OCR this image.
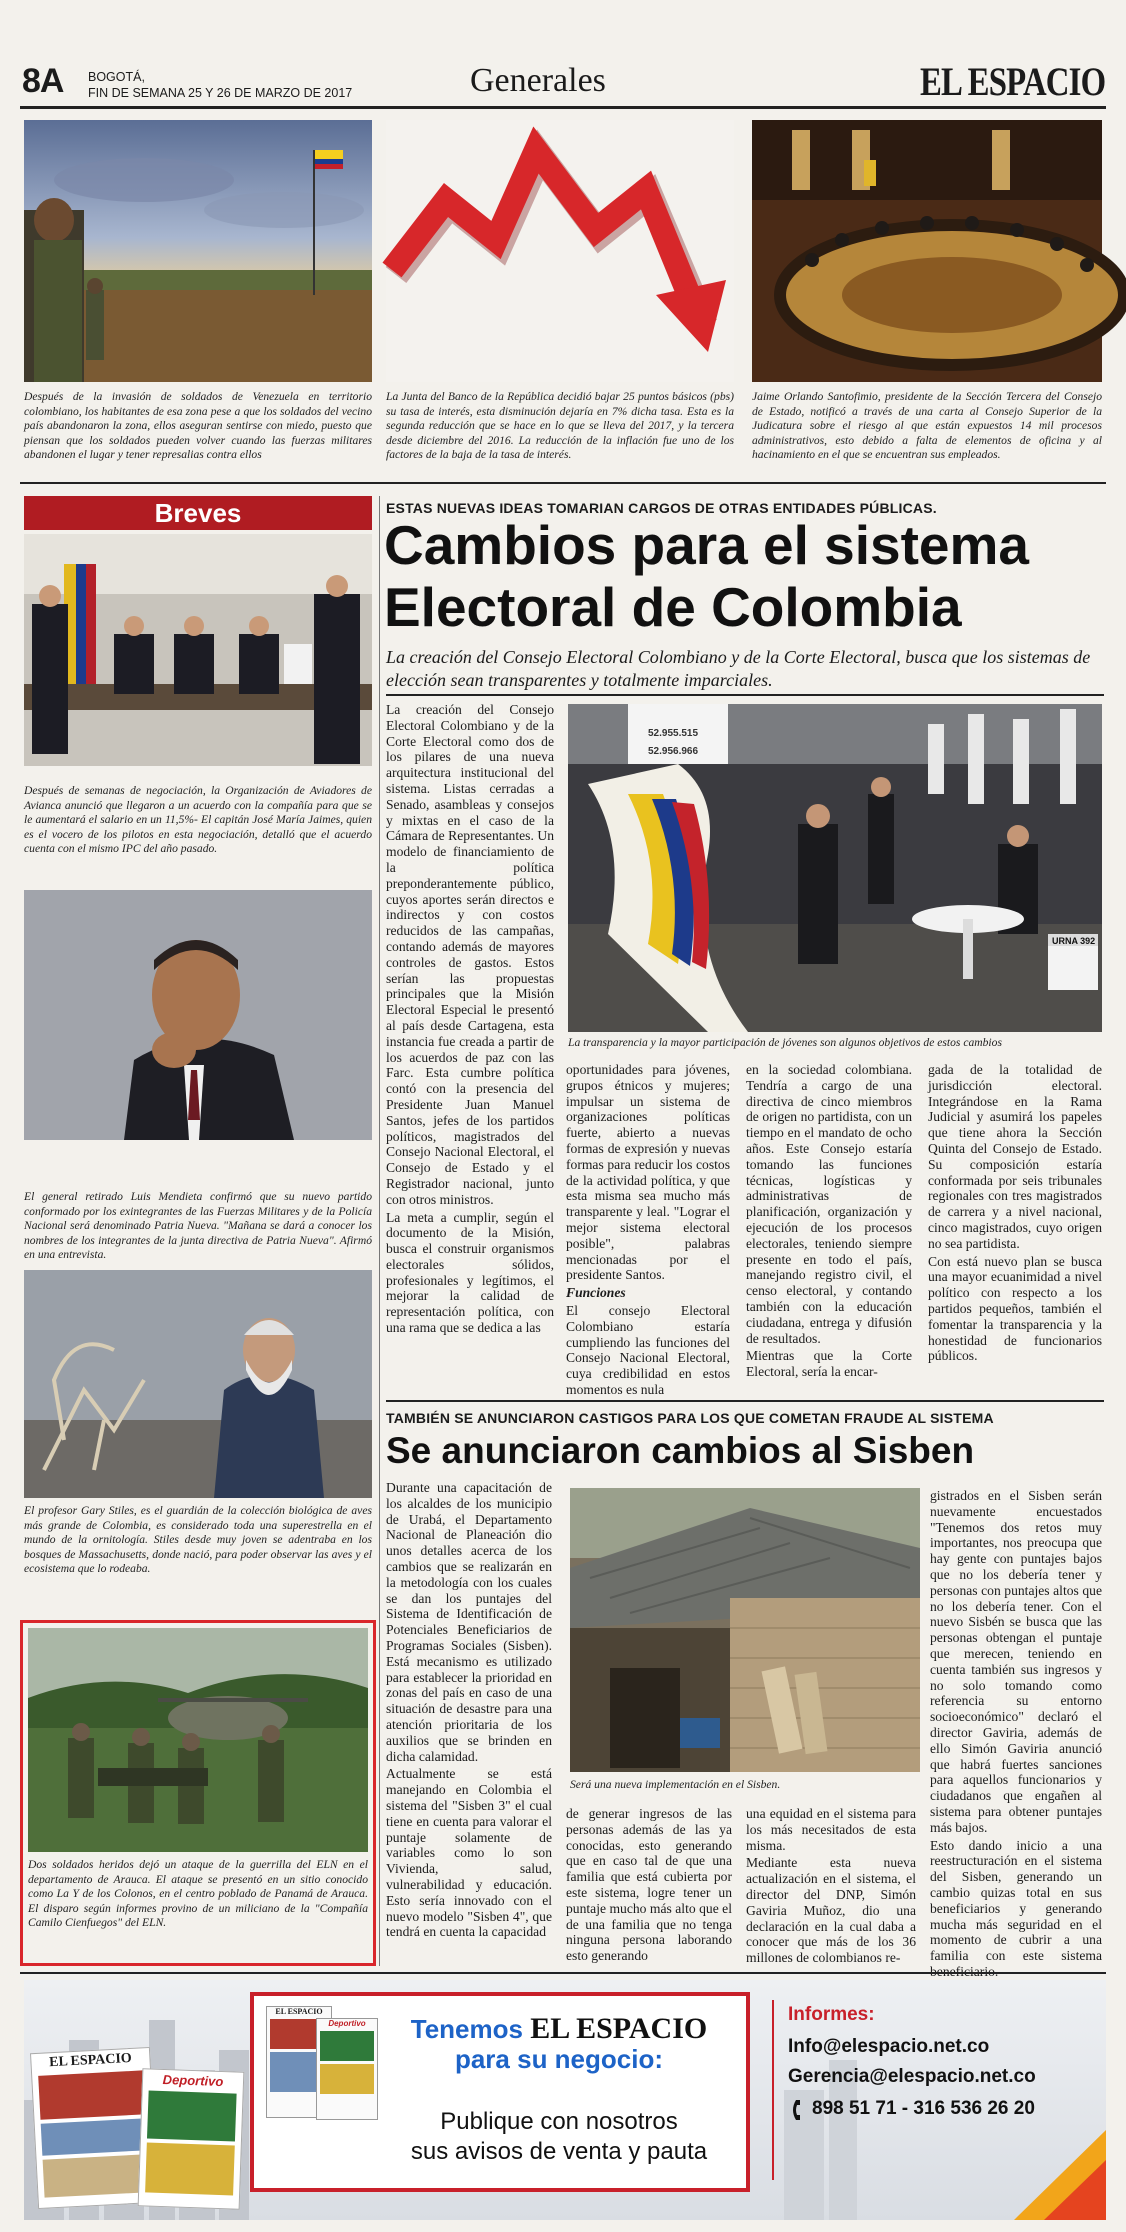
8A BOGOTÁ,
FIN DE SEMANA 25 Y 26 DE MARZO DE 2017	Generales	EL ESPACIO
Después de la invasión de soldados de Venezuela en territorio colombiano, los habitantes de esa zona pese a que los soldados del vecino país abandonaron la zona, ellos aseguran sentirse con miedo, puesto que piensan que los soldados pueden volver cuando las fuerzas militares abandonen el lugar y tener represalias contra ellos
La Junta del Banco de la República decidió bajar 25 puntos básicos (pbs) su tasa de interés, esta disminución dejaría en 7% dicha tasa. Esta es la segunda reducción que se hace en lo que se lleva del 2017, y la tercera desde diciembre del 2016. La reducción de la inflación fue uno de los factores de la baja de la tasa de interés.
Jaime Orlando Santofimio, presidente de la Sección Tercera del Consejo de Estado, notificó a través de una carta al Consejo Superior de la Judicatura sobre el riesgo al que están expuestos 14 mil procesos administrativos, esto debido a falta de elementos de oficina y al hacinamiento en el que se encuentran sus empleados.
Breves
Después de semanas de negociación, la Organización de Aviadores de Avianca anunció que llegaron a un acuerdo con la compañía para que se le aumentará el salario en un 11,5%- El capitán José María Jaimes, quien es el vocero de los pilotos en esta negociación, detalló que el acuerdo cuenta con el mismo IPC del año pasado.
El general retirado Luis Mendieta confirmó que su nuevo partido conformado por los exintegrantes de las Fuerzas Militares y de la Policía Nacional será denominado Patria Nueva. "Mañana se dará a conocer los nombres de los integrantes de la junta directiva de Patria Nueva". Afirmó en una entrevista.
El profesor Gary Stiles, es el guardián de la colección biológica de aves más grande de Colombia, es considerado toda una superestrella en el mundo de la ornitología. Stiles desde muy joven se adentraba en los bosques de Massachusetts, donde nació, para poder observar las aves y el ecosistema que lo rodeaba.
Dos soldados heridos dejó un ataque de la guerrilla del ELN en el departamento de Arauca. El ataque se presentó en un sitio conocido como La Y de los Colonos, en el centro poblado de Panamá de Arauca. El disparo según informes provino de un miliciano de la "Compañía Camilo Cienfuegos" del ELN.
ESTAS NUEVAS IDEAS TOMARIAN CARGOS DE OTRAS ENTIDADES PÚBLICAS.
Cambios para el sistema
Electoral de Colombia
La creación del Consejo Electoral Colombiano y de la Corte Electoral, busca que los sistemas de elección sean transparentes y totalmente imparciales.

La creación del Consejo Electoral Colombiano y de la Corte Electoral como dos de los pilares de una nueva arquitectura institucional del sistema. Listas cerradas a Senado, asambleas y consejos y mixtas en el caso de la Cámara de Representantes. Un modelo de financiamiento de la política preponderantemente público, cuyos aportes serán directos e indirectos y con costos reducidos de las campañas, contando además de mayores controles de gastos. Estos serían las propuestas principales que la Misión Electoral Especial le presentó al país desde Cartagena, esta instancia fue creada a partir de los acuerdos de paz con las Farc. Esta cumbre política contó con la presencia del Presidente Juan Manuel Santos, jefes de los partidos políticos, magistrados del Consejo Nacional Electoral, el Consejo de Estado y el Registrador nacional, junto con otros ministros.

La meta a cumplir, según el documento de la Misión, busca el construir organismos electorales sólidos, profesionales y legítimos, el mejorar la calidad de representación política, con una rama que se dedica a las

52.955.515
52.956.966
URNA 392
La transparencia y la mayor participación de jóvenes son algunos objetivos de estos cambios

oportunidades para jóvenes, grupos étnicos y mujeres; impulsar un sistema de organizaciones políticas fuerte, abierto a nuevas formas de expresión y nuevas formas para reducir los costos de la actividad política, y que esta misma sea mucho más transparente y leal. "Lograr el mejor sistema electoral posible", palabras mencionadas por el presidente Santos.

Funciones

El consejo Electoral Colombiano estaría cumpliendo las funciones del Consejo Nacional Electoral, cuya credibilidad en estos momentos es nula

en la sociedad colombiana. Tendría a cargo de una directiva de cinco miembros de origen no partidista, con un tiempo en el mandato de ocho años. Este Consejo estaría tomando las funciones técnicas, logísticas y administrativas de planificación, organización y ejecución de los procesos electorales, teniendo siempre presente en todo el país, manejando registro civil, el censo electoral, y contando también con la educación ciudadana, entrega y difusión de resultados.

Mientras que la Corte Electoral, sería la encar-

gada de la totalidad de jurisdicción electoral. Integrándose en la Rama Judicial y asumirá los papeles que tiene ahora la Sección Quinta del Consejo de Estado. Su composición estaría conformada por seis tribunales regionales con tres magistrados de carrera y a nivel nacional, cinco magistrados, cuyo origen no sea partidista.

Con está nuevo plan se busca una mayor ecuanimidad a nivel político con respecto a los partidos pequeños, también el fomentar la transparencia y la honestidad de funcionarios públicos.

TAMBIÉN SE ANUNCIARON CASTIGOS PARA LOS QUE COMETAN FRAUDE AL SISTEMA
Se anunciaron cambios al Sisben

Durante una capacitación de los alcaldes de los municipio de Urabá, el Departamento Nacional de Planeación dio unos detalles acerca de los cambios que se realizarán en la metodología con los cuales se dan los puntajes del Sistema de Identificación de Potenciales Beneficiarios de Programas Sociales (Sisben). Está mecanismo es utilizado para establecer la prioridad en zonas del país en caso de una situación de desastre para una atención prioritaria de los auxilios que se brinden en dicha calamidad.

Actualmente se está manejando en Colombia el sistema del "Sisben 3" el cual tiene en cuenta para valorar el puntaje solamente de variables como lo son Vivienda, salud, vulnerabilidad y educación. Esto sería innovado con el nuevo modelo "Sisben 4", que tendrá en cuenta la capacidad

Será una nueva implementación en el Sisben.

de generar ingresos de las personas además de las ya conocidas, esto generando que en caso tal de que una familia que está cubierta por este sistema, logre tener un puntaje mucho más alto que el de una familia que no tenga ninguna persona laborando esto generando

una equidad en el sistema para los más necesitados de esta misma.

Mediante esta nueva actualización en el sistema, el director del DNP, Simón Gaviria Muñoz, dio una declaración en la cual daba a conocer que más de los 36 millones de colombianos re-

gistrados en el Sisben serán nuevamente encuestados "Tenemos dos retos muy importantes, nos preocupa que hay gente con puntajes bajos que no los debería tener y personas con puntajes altos que no los debería tener. Con el nuevo Sisbén se busca que las personas obtengan el puntaje que merecen, teniendo en cuenta también sus ingresos y no solo tomando como referencia su entorno socioeconómico" declaró el director Gaviria, además de ello Simón Gaviria anunció que habrá fuertes sanciones para aquellos funcionarios y ciudadanos que engañen al sistema para obtener puntajes más bajos.

Esto dando inicio a una reestructuración en el sistema del Sisben, generando un cambio quizas total en sus beneficiarios y generando mucha más seguridad en el momento de cubrir a una familia con este sistema

EL ESPACIO
Deportivo
EL ESPACIO
Deportivo	Tenemos EL ESPACIO
para su negocio:
Publique con nosotros
sus avisos de venta y pauta
Informes:
Info@elespacio.net.co
Gerencia@elespacio.net.co
898 51 71 - 316 536 26 20
